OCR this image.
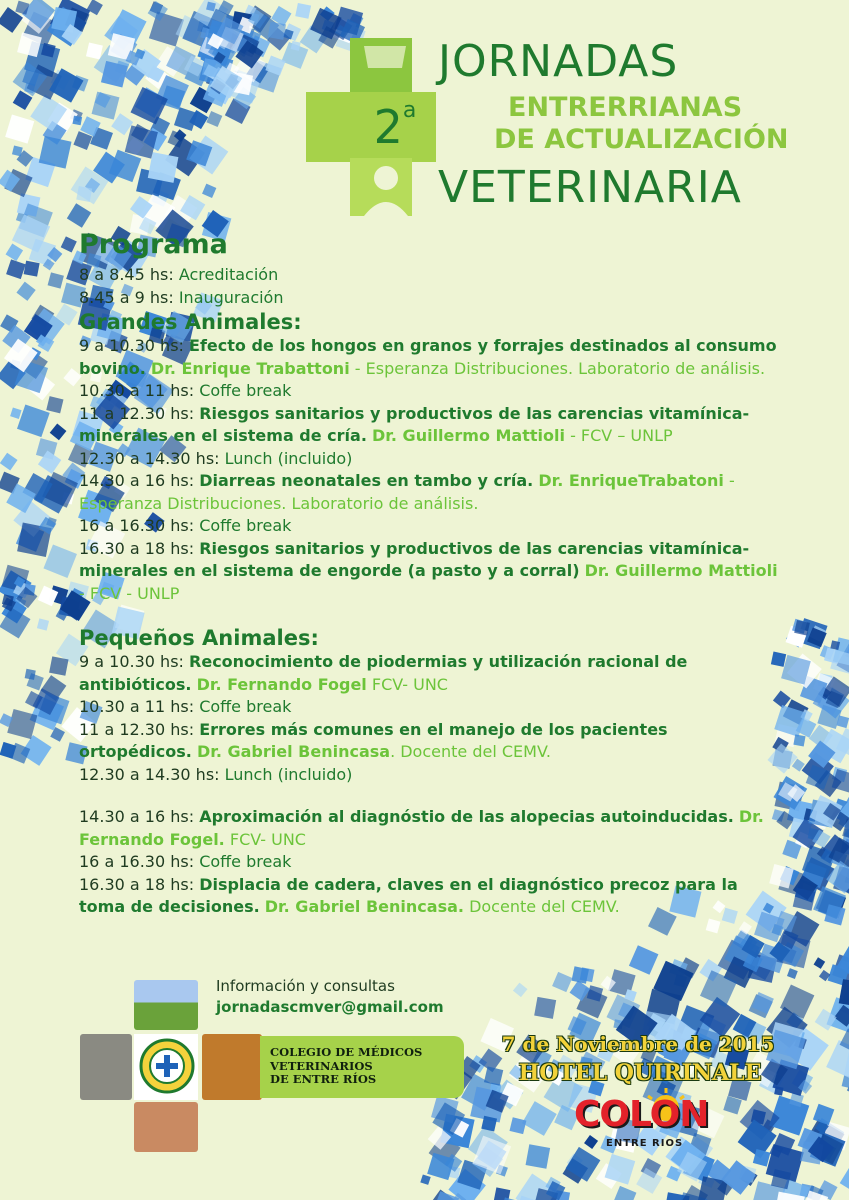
2$^a$
JORNADAS
ENTRERRIANAS
DE ACTUALIZACIÓN
VETERINARIA
Programa
8 a 8.45 hs: Acreditación
8.45 a 9 hs: Inauguración
Grandes Animales:
9 a 10.30 hs: Efecto de los hongos en granos y forrajes destinados al consumo bovino. Dr. Enrique Trabattoni - Esperanza Distribuciones. Laboratorio de análisis.
10.30 a 11 hs: Coffe break
11 a 12.30 hs: Riesgos sanitarios y productivos de las carencias vitamínica-minerales en el sistema de cría. Dr. Guillermo Mattioli - FCV – UNLP
12.30 a 14.30 hs: Lunch (incluido)
14.30 a 16 hs: Diarreas neonatales en tambo y cría. Dr. EnriqueTrabatoni - Esperanza Distribuciones. Laboratorio de análisis.
16 a 16.30 hs: Coffe break
16.30 a 18 hs: Riesgos sanitarios y productivos de las carencias vitamínica-minerales en el sistema de engorde (a pasto y a corral) Dr. Guillermo Mattioli - FCV - UNLP
Pequeños Animales:
9 a 10.30 hs: Reconocimiento de piodermias y utilización racional de antibióticos. Dr. Fernando Fogel FCV- UNC
10.30 a 11 hs: Coffe break
11 a 12.30 hs: Errores más comunes en el manejo de los pacientes ortopédicos. Dr. Gabriel Benincasa. Docente del CEMV.
12.30 a 14.30 hs: Lunch (incluido)
14.30 a 16 hs: Aproximación al diagnóstio de las alopecias autoinducidas. Dr. Fernando Fogel. FCV- UNC
16 a 16.30 hs: Coffe break
16.30 a 18 hs: Displacia de cadera, claves en el diagnóstico precoz para la toma de decisiones. Dr. Gabriel Benincasa. Docente del CEMV.
Información y consultas
jornadascmver@gmail.com
COLEGIO DE MÉDICOS
VETERINARIOS
DE ENTRE RÍOS
7 de Noviembre de 2015
HOTEL QUIRINALE
COLON
ENTRE RIOS
